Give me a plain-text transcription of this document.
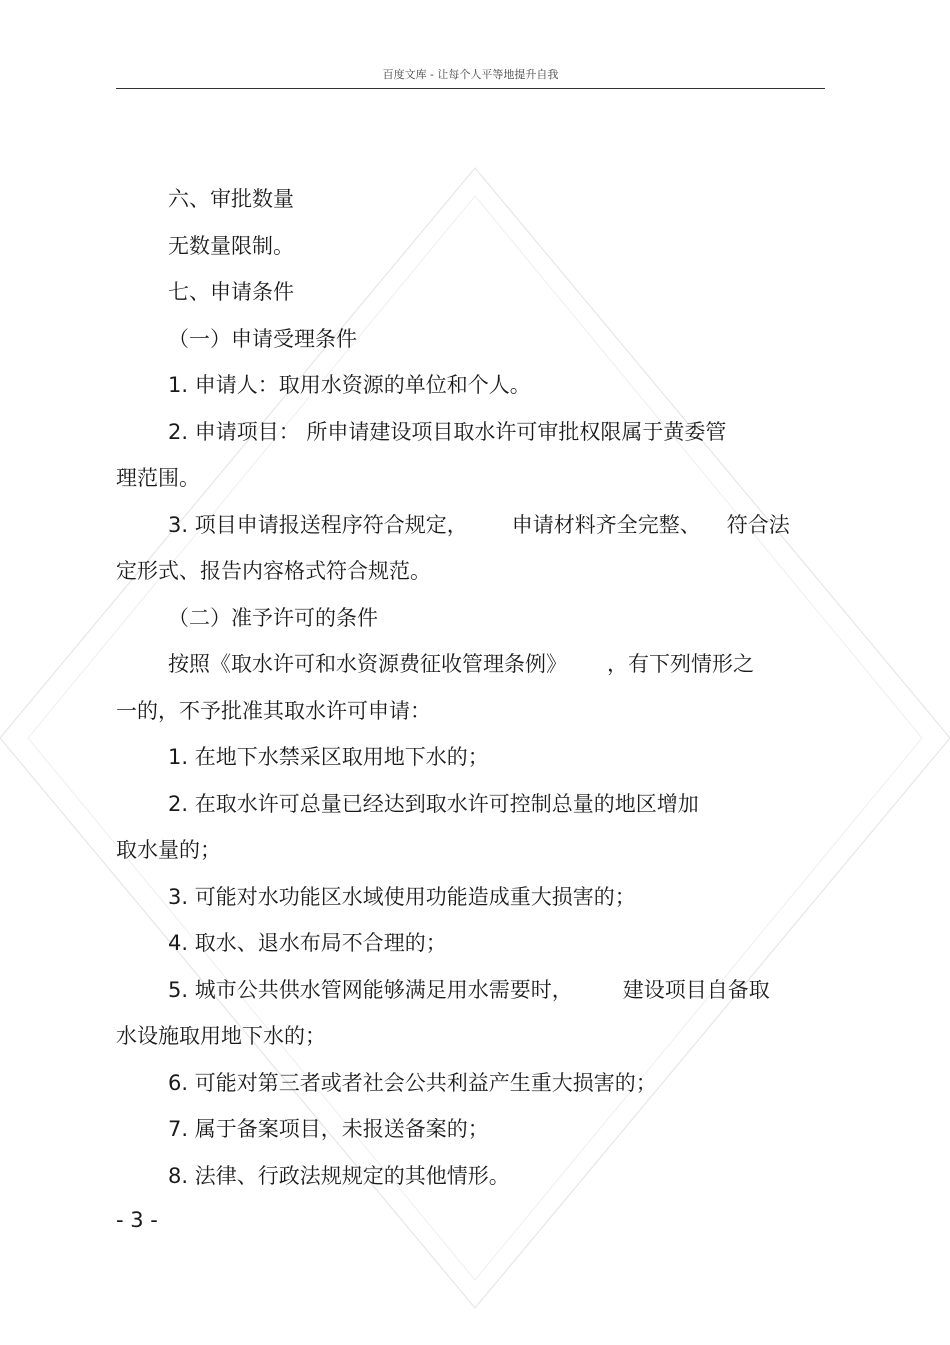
百度文库 - 让每个人平等地提升自我
六、审批数量
无数量限制。
七、申请条件
（一）申请受理条件
1. 申请人：取用水资源的单位和个人。
2. 申请项目： 所申请建设项目取水许可审批权限属于黄委管
理范围。
3. 项目申请报送程序符合规定， 申请材料齐全完整、 符合法
定形式、报告内容格式符合规范。
（二）准予许可的条件
按照《取水许可和水资源费征收管理条例》 ，有下列情形之
一的，不予批准其取水许可申请：
1. 在地下水禁采区取用地下水的；
2. 在取水许可总量已经达到取水许可控制总量的地区增加
取水量的；
3. 可能对水功能区水域使用功能造成重大损害的；
4. 取水、退水布局不合理的；
5. 城市公共供水管网能够满足用水需要时， 建设项目自备取
水设施取用地下水的；
6. 可能对第三者或者社会公共利益产生重大损害的；
7. 属于备案项目，未报送备案的；
8. 法律、行政法规规定的其他情形。
- 3 -
